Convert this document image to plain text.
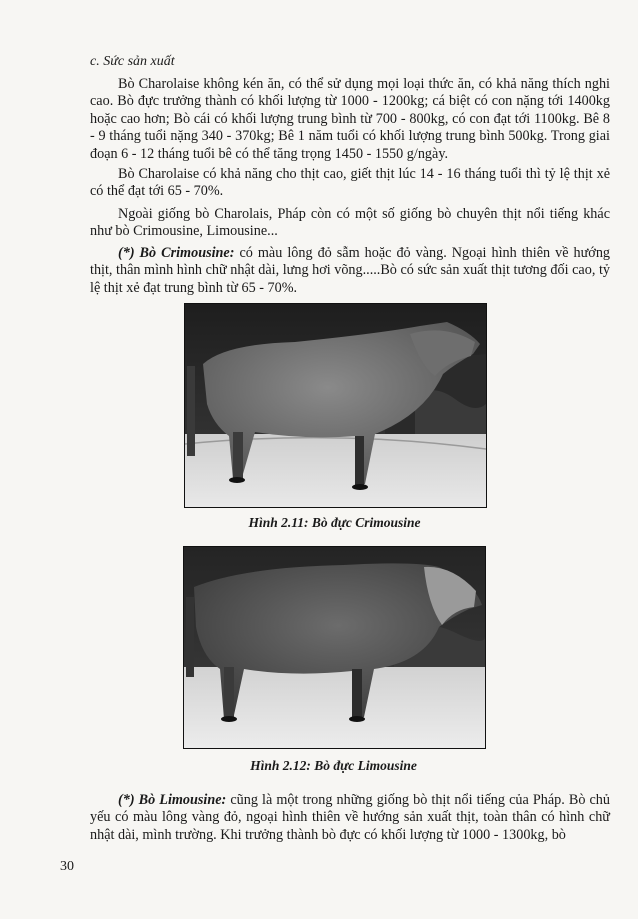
c. Sức sản xuất

Bò Charolaise không kén ăn, có thể sử dụng mọi loại thức ăn, có khả năng thích nghi cao. Bò đực trưởng thành có khối lượng từ 1000 - 1200kg; cá biệt có con nặng tới 1400kg hoặc cao hơn; Bò cái có khối lượng trung bình từ 700 - 800kg, có con đạt tới 1100kg. Bê 8 - 9 tháng tuổi nặng 340 - 370kg; Bê 1 năm tuổi có khối lượng trung bình 500kg. Trong giai đoạn 6 - 12 tháng tuổi bê có thể tăng trọng 1450 - 1550 g/ngày.

Bò Charolaise có khả năng cho thịt cao, giết thịt lúc 14 - 16 tháng tuổi thì tỷ lệ thịt xẻ có thể đạt tới 65 - 70%.

Ngoài giống bò Charolais, Pháp còn có một số giống bò chuyên thịt nổi tiếng khác như bò Crimousine, Limousine...

(*) Bò Crimousine: có màu lông đỏ sẫm hoặc đỏ vàng. Ngoại hình thiên về hướng thịt, thân mình hình chữ nhật dài, lưng hơi võng.....Bò có sức sản xuất thịt tương đối cao, tỷ lệ thịt xẻ đạt trung bình từ 65 - 70%.

Hình 2.11: Bò đực Crimousine
Hình 2.12: Bò đực Limousine

(*) Bò Limousine: cũng là một trong những giống bò thịt nổi tiếng của Pháp. Bò chủ yếu có màu lông vàng đỏ, ngoại hình thiên về hướng sản xuất thịt, toàn thân có hình chữ nhật dài, mình trường. Khi trưởng thành bò đực có khối lượng từ 1000 - 1300kg, bò

30
